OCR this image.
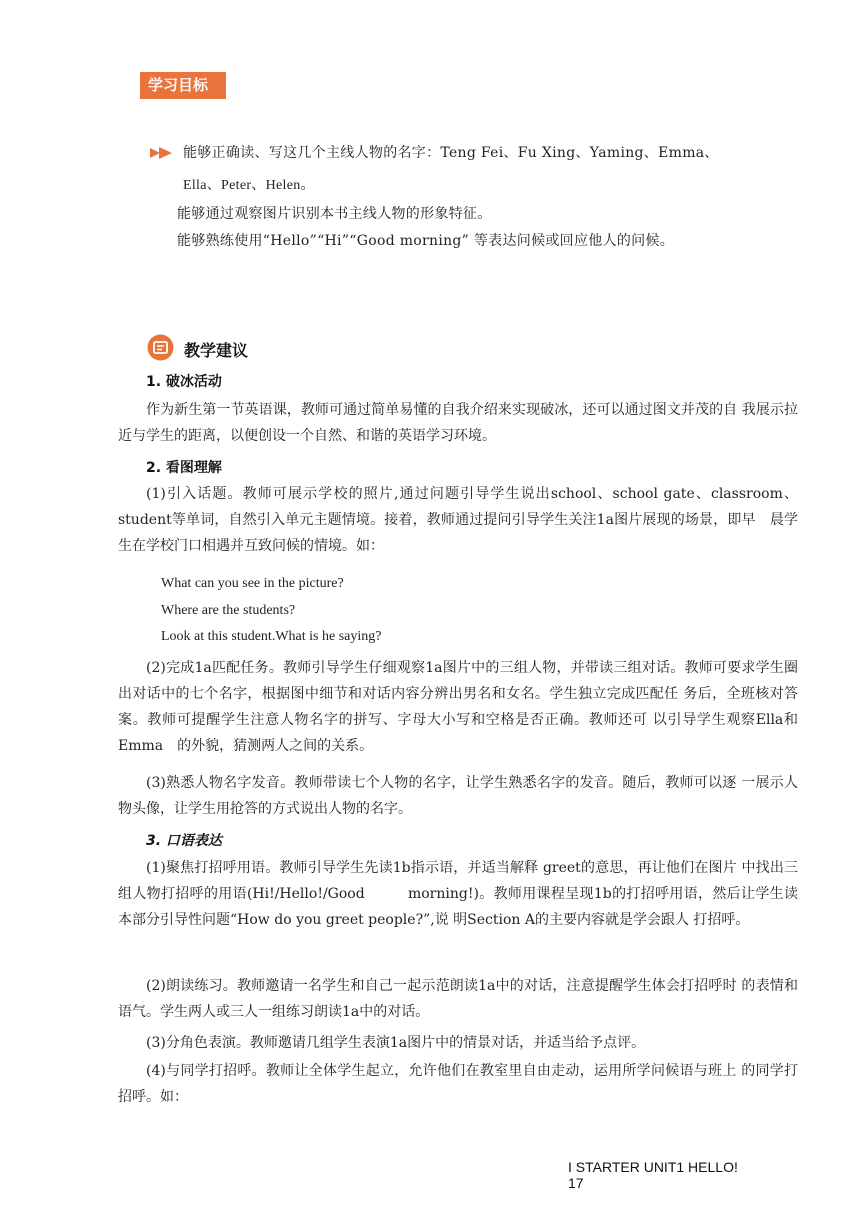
学习目标
能够正确读、写这几个主线人物的名字：Teng Fei、Fu Xing、Yaming、Emma、
Ella、Peter、Helen。
能够通过观察图片识别本书主线人物的形象特征。
能够熟练使用“Hello”“Hi”“Good morning” 等表达问候或回应他人的问候。
教学建议
1. 破冰活动
作为新生第一节英语课，教师可通过简单易懂的自我介绍来实现破冰，还可以通过图文并茂的自 我展示拉近与学生的距离，以便创设一个自然、和谐的英语学习环境。
2. 看图理解
(1)引入话题。教师可展示学校的照片,通过问题引导学生说出school、school gate、classroom、student等单词，自然引入单元主题情境。接着，教师通过提问引导学生关注1a图片展现的场景，即早　晨学生在学校门口相遇并互致问候的情境。如：
What can you see in the picture?
Where are the students?
Look at this student.What is he saying?
(2)完成1a匹配任务。教师引导学生仔细观察1a图片中的三组人物，并带读三组对话。教师可要求学生圈出对话中的七个名字，根据图中细节和对话内容分辨出男名和女名。学生独立完成匹配任 务后，全班核对答案。教师可提醒学生注意人物名字的拼写、字母大小写和空格是否正确。教师还可 以引导学生观察Ella和Emma　的外貌，猜测两人之间的关系。
(3)熟悉人物名字发音。教师带读七个人物的名字，让学生熟悉名字的发音。随后，教师可以逐 一展示人物头像，让学生用抢答的方式说出人物的名字。
3. 口语表达
(1)聚焦打招呼用语。教师引导学生先读1b指示语，并适当解释 greet的意思，再让他们在图片 中找出三组人物打招呼的用语(Hi!/Hello!/Good　　　morning!)。教师用课程呈现1b的打招呼用语，然后让学生读本部分引导性问题“How do you greet people?”,说 明Section A的主要内容就是学会跟人 打招呼。
(2)朗读练习。教师邀请一名学生和自己一起示范朗读1a中的对话，注意提醒学生体会打招呼时 的表情和语气。学生两人或三人一组练习朗读1a中的对话。
(3)分角色表演。教师邀请几组学生表演1a图片中的情景对话，并适当给予点评。
(4)与同学打招呼。教师让全体学生起立，允许他们在教室里自由走动，运用所学问候语与班上 的同学打招呼。如：
I STARTER UNIT1 HELLO!
17
